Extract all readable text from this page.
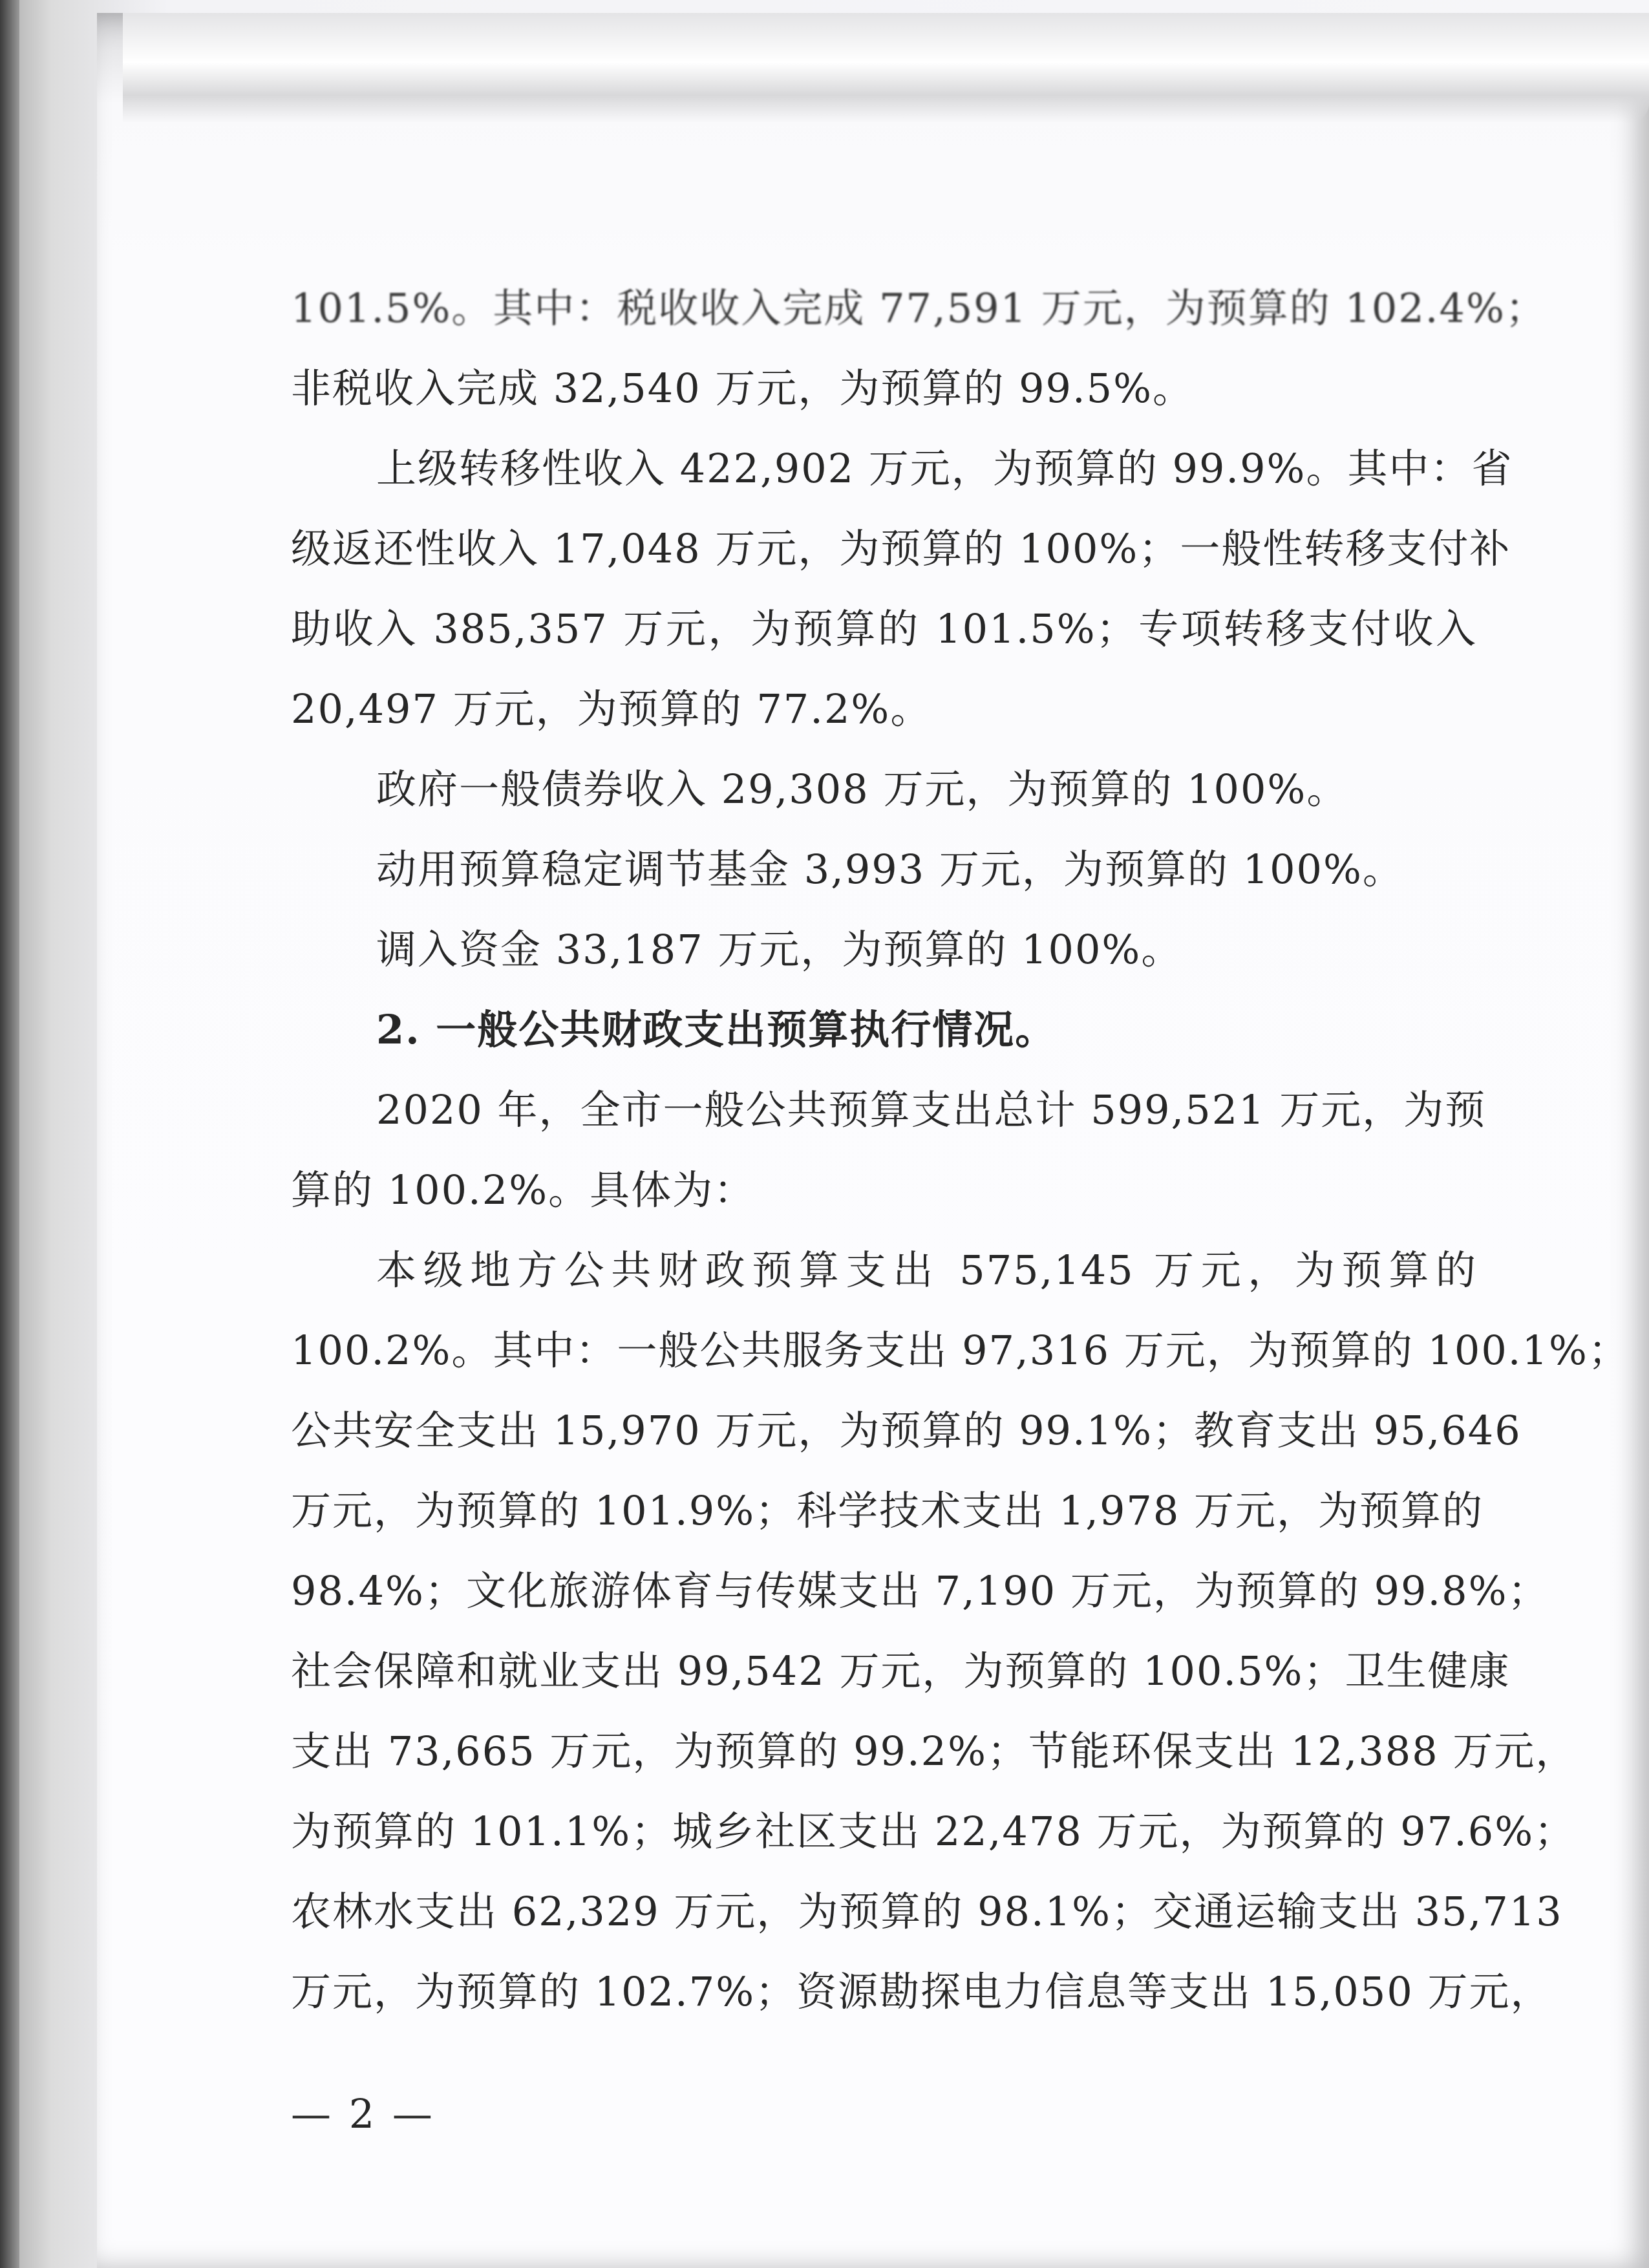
101.5%。其中：税收收入完成 77,591 万元，为预算的 102.4%；
非税收入完成 32,540 万元，为预算的 99.5%。
上级转移性收入 422,902 万元，为预算的 99.9%。其中：省
级返还性收入 17,048 万元，为预算的 100%；一般性转移支付补
助收入 385,357 万元，为预算的 101.5%；专项转移支付收入
20,497 万元，为预算的 77.2%。
政府一般债券收入 29,308 万元，为预算的 100%。
动用预算稳定调节基金 3,993 万元，为预算的 100%。
调入资金 33,187 万元，为预算的 100%。
2. 一般公共财政支出预算执行情况。
2020 年，全市一般公共预算支出总计 599,521 万元，为预
算的 100.2%。具体为：
本级地方公共财政预算支出 575,145 万元，为预算的
100.2%。其中：一般公共服务支出 97,316 万元，为预算的 100.1%；
公共安全支出 15,970 万元，为预算的 99.1%；教育支出 95,646
万元，为预算的 101.9%；科学技术支出 1,978 万元，为预算的
98.4%；文化旅游体育与传媒支出 7,190 万元，为预算的 99.8%；
社会保障和就业支出 99,542 万元，为预算的 100.5%；卫生健康
支出 73,665 万元，为预算的 99.2%；节能环保支出 12,388 万元，
为预算的 101.1%；城乡社区支出 22,478 万元，为预算的 97.6%；
农林水支出 62,329 万元，为预算的 98.1%；交通运输支出 35,713
万元，为预算的 102.7%；资源勘探电力信息等支出 15,050 万元，
— 2 —
